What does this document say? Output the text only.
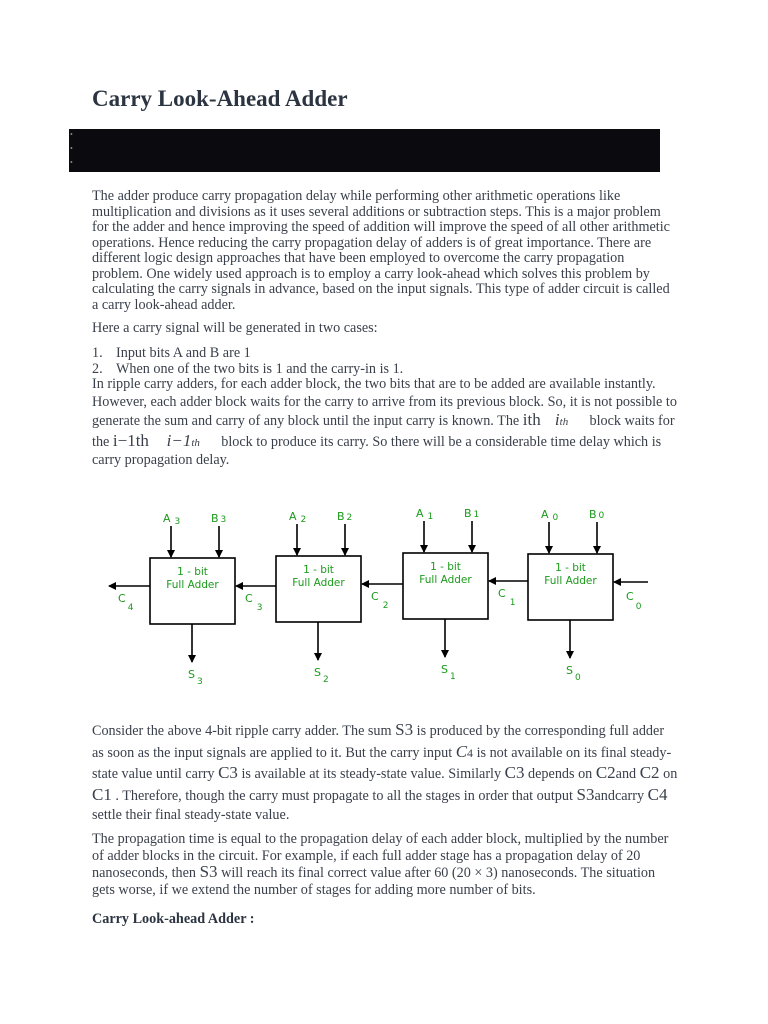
Carry Look-Ahead Adder
•
•
•

The adder produce carry propagation delay while performing other arithmetic operations like multiplication and divisions as it uses several additions or subtraction steps. This is a major problem for the adder and hence improving the speed of addition will improve the speed of all other arithmetic operations. Hence reducing the carry propagation delay of adders is of great importance. There are different logic design approaches that have been employed to overcome the carry propagation problem. One widely used approach is to employ a carry look-ahead which solves this problem by calculating the carry signals in advance, based on the input signals. This type of adder circuit is called a carry look-ahead adder.

Here a carry signal will be generated in two cases:

1. Input bits A and B are 1
2. When one of the two bits is 1 and the carry-in is 1.

In ripple carry adders, for each adder block, the two bits that are to be added are available instantly. However, each adder block waits for the carry to arrive from its previous block. So, it is not possible to generate the sum and carry of any block until the input carry is known. The ith ith block waits for the i−1th i−1th block to produce its carry. So there will be a considerable time delay which is carry propagation delay.

1 - bit
Full Adder
A 3	B 3
$S_3$
$C_3$
1 - bit
Full Adder
A 2	B 2
$S_2$
$C_2$
1 - bit
Full Adder
A 1	B 1
$S_1$
$C_1$
1 - bit
Full Adder
A 0	B 0
$S_0$
$C_0$
$C_4$

Consider the above 4-bit ripple carry adder. The sum S3 is produced by the corresponding full adder as soon as the input signals are applied to it. But the carry input C4 is not available on its final steady-state value until carry C3 is available at its steady-state value. Similarly C3 depends on C2and C2 on C1 . Therefore, though the carry must propagate to all the stages in order that output S3andcarry C4 settle their final steady-state value.

The propagation time is equal to the propagation delay of each adder block, multiplied by the number of adder blocks in the circuit. For example, if each full adder stage has a propagation delay of 20 nanoseconds, then S3 will reach its final correct value after 60 (20 × 3) nanoseconds. The situation gets worse, if we extend the number of stages for adding more number of bits.

Carry Look-ahead Adder :
